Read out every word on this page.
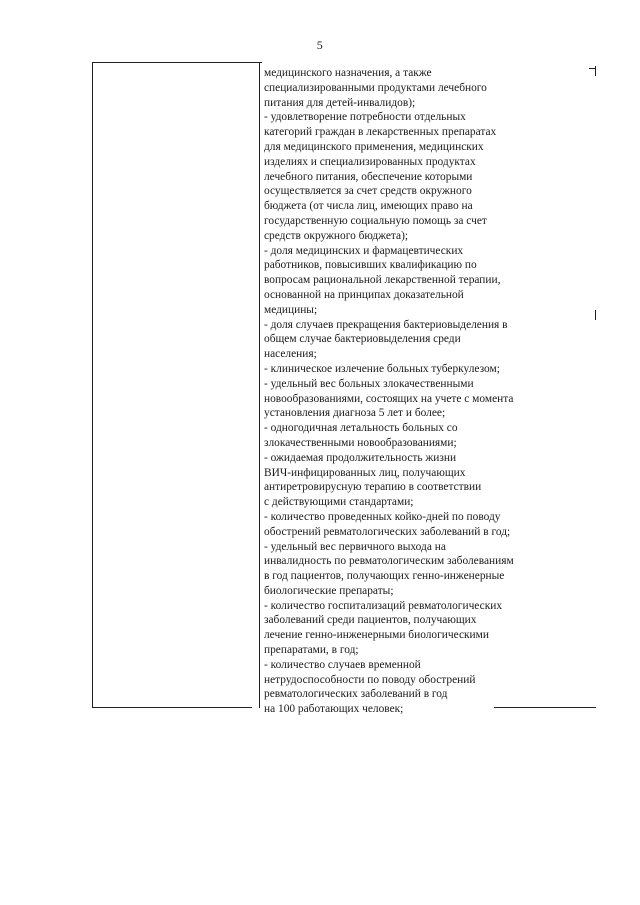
5
медицинского назначения, а также
специализированными продуктами лечебного
питания для детей-инвалидов);
- удовлетворение потребности отдельных
категорий граждан в лекарственных препаратах
для медицинского применения, медицинских
изделиях и специализированных продуктах
лечебного питания, обеспечение которыми
осуществляется за счет средств окружного
бюджета (от числа лиц, имеющих право на
государственную социальную помощь за счет
средств окружного бюджета);
- доля медицинских и фармацевтических
работников, повысивших квалификацию по
вопросам рациональной лекарственной терапии,
основанной на принципах доказательной
медицины;
- доля случаев прекращения бактериовыделения в
общем случае бактериовыделения среди
населения;
- клиническое излечение больных туберкулезом;
- удельный вес больных злокачественными
новообразованиями, состоящих на учете с момента
установления диагноза 5 лет и более;
- одногодичная летальность больных со
злокачественными новообразованиями;
- ожидаемая продолжительность жизни
ВИЧ-инфицированных лиц, получающих
антиретровирусную терапию в соответствии
с действующими стандартами;
- количество проведенных койко-дней по поводу
обострений ревматологических заболеваний в год;
- удельный вес первичного выхода на
инвалидность по ревматологическим заболеваниям
в год пациентов, получающих генно-инженерные
биологические препараты;
- количество госпитализаций ревматологических
заболеваний среди пациентов, получающих
лечение генно-инженерными биологическими
препаратами, в год;
- количество случаев временной
нетрудоспособности по поводу обострений
ревматологических заболеваний в год
на 100 работающих человек;
